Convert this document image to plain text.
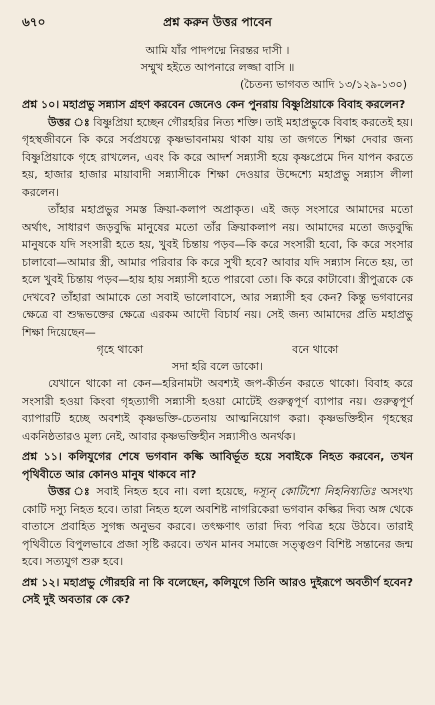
৬৭০	প্রশ্ন করুন উত্তর পাবেন
আমি যাঁর পাদপদ্মে নিরন্তর দাসী ।
সম্মুখ হইতে আপনারে লজ্জা বাসি ॥
(চৈতন্য ভাগবত আদি ১৩/১২৯-১৩০)
প্রশ্ন ১০। মহাপ্রভু সন্ন্যাস গ্রহণ করবেন জেনেও কেন পুনরায় বিষ্ণুপ্রিয়াকে বিবাহ করলেন?

উত্তর ঃ বিষ্ণুপ্রিয়া হচ্ছেন গৌরহরির নিত্য শক্তি। তাই মহাপ্রভুকে বিবাহ করতেই হয়। গৃহস্থজীবনে কি করে সর্বপ্রযত্নে কৃষ্ণভাবনাময় থাকা যায় তা জগতে শিক্ষা দেবার জন্য বিষ্ণুপ্রিয়াকে গৃহে রাখলেন, এবং কি করে আদর্শ সন্ন্যাসী হয়ে কৃষ্ণপ্রেমে দিন যাপন করতে হয়, হাজার হাজার মায়াবাদী সন্ন্যাসীকে শিক্ষা দেওয়ার উদ্দেশ্যে মহাপ্রভু সন্ন্যাস লীলা করলেন।

তাঁহার মহাপ্রভুর সমস্ত ক্রিয়া-কলাপ অপ্রাকৃত। এই জড় সংসারে আমাদের মতো অর্থাৎ, সাধারণ জড়বুদ্ধি মানুষের মতো তাঁর ক্রিয়াকলাপ নয়। আমাদের মতো জড়বুদ্ধি মানুষকে যদি সংসারী হতে হয়, খুবই চিন্তায় পড়ব—কি করে সংসারী হবো, কি করে সংসার চালাবো—আমার স্ত্রী, আমার পরিবার কি করে সুখী হবে? আবার যদি সন্ন্যাস নিতে হয়, তা হলে খুবই চিন্তায় পড়ব—হায় হায় সন্ন্যাসী হতে পারবো তো। কি করে কাটাবো। স্ত্রীপুত্রকে কে দেখবে? তাঁহারা আমাকে তো সবাই ভালোবাসে, আর সন্ন্যাসী হব কেন? কিন্তু ভগবানের ক্ষেত্রে বা শুদ্ধভক্তের ক্ষেত্রে এরকম আদৌ বিচার্য নয়। সেই জন্য আমাদের প্রতি মহাপ্রভু শিক্ষা দিয়েছেন—

গৃহে থাকো	বনে থাকো
সদা হরি বলে ডাকো।

যেখানে থাকো না কেন—হরিনামটা অবশ্যই জপ-কীর্তন করতে থাকো। বিবাহ করে সংসারী হওয়া কিংবা গৃহত্যাগী সন্ন্যাসী হওয়া মোটেই গুরুত্বপূর্ণ ব্যাপার নয়। গুরুত্বপূর্ণ ব্যাপারটি হচ্ছে অবশ্যই কৃষ্ণভক্তি-চেতনায় আত্মনিয়োগ করা। কৃষ্ণভক্তিহীন গৃহস্থের একনিষ্ঠতারও মূল্য নেই, আবার কৃষ্ণভক্তিহীন সন্ন্যাসীও অনর্থক।

প্রশ্ন ১১। কলিযুগের শেষে ভগবান কল্কি আবির্ভূত হয়ে সবাইকে নিহত করবেন, তখন পৃথিবীতে আর কোনও মানুষ থাকবে না?

উত্তর ঃ সবাই নিহত হবে না। বলা হয়েছে, দস্যূন্ কোটিশো নিহনিষ্যতিঃ অসংখ্য কোটি দস্যু নিহত হবে। তারা নিহত হলে অবশিষ্ট নাগরিকেরা ভগবান কল্কির দিব্য অঙ্গ থেকে বাতাসে প্রবাহিত সুগন্ধ অনুভব করবে। তৎক্ষণাৎ তারা দিব্য পবিত্র হয়ে উঠবে। তারাই পৃথিবীতে বিপুলভাবে প্রজা সৃষ্টি করবে। তখন মানব সমাজে সত্ত্বগুণ বিশিষ্ট সন্তানের জন্ম হবে। সত্যযুগ শুরু হবে।

প্রশ্ন ১২। মহাপ্রভু গৌরহরি না কি বলেছেন, কলিযুগে তিনি আরও দুইরূপে অবতীর্ণ হবেন? সেই দুই অবতার কে কে?
